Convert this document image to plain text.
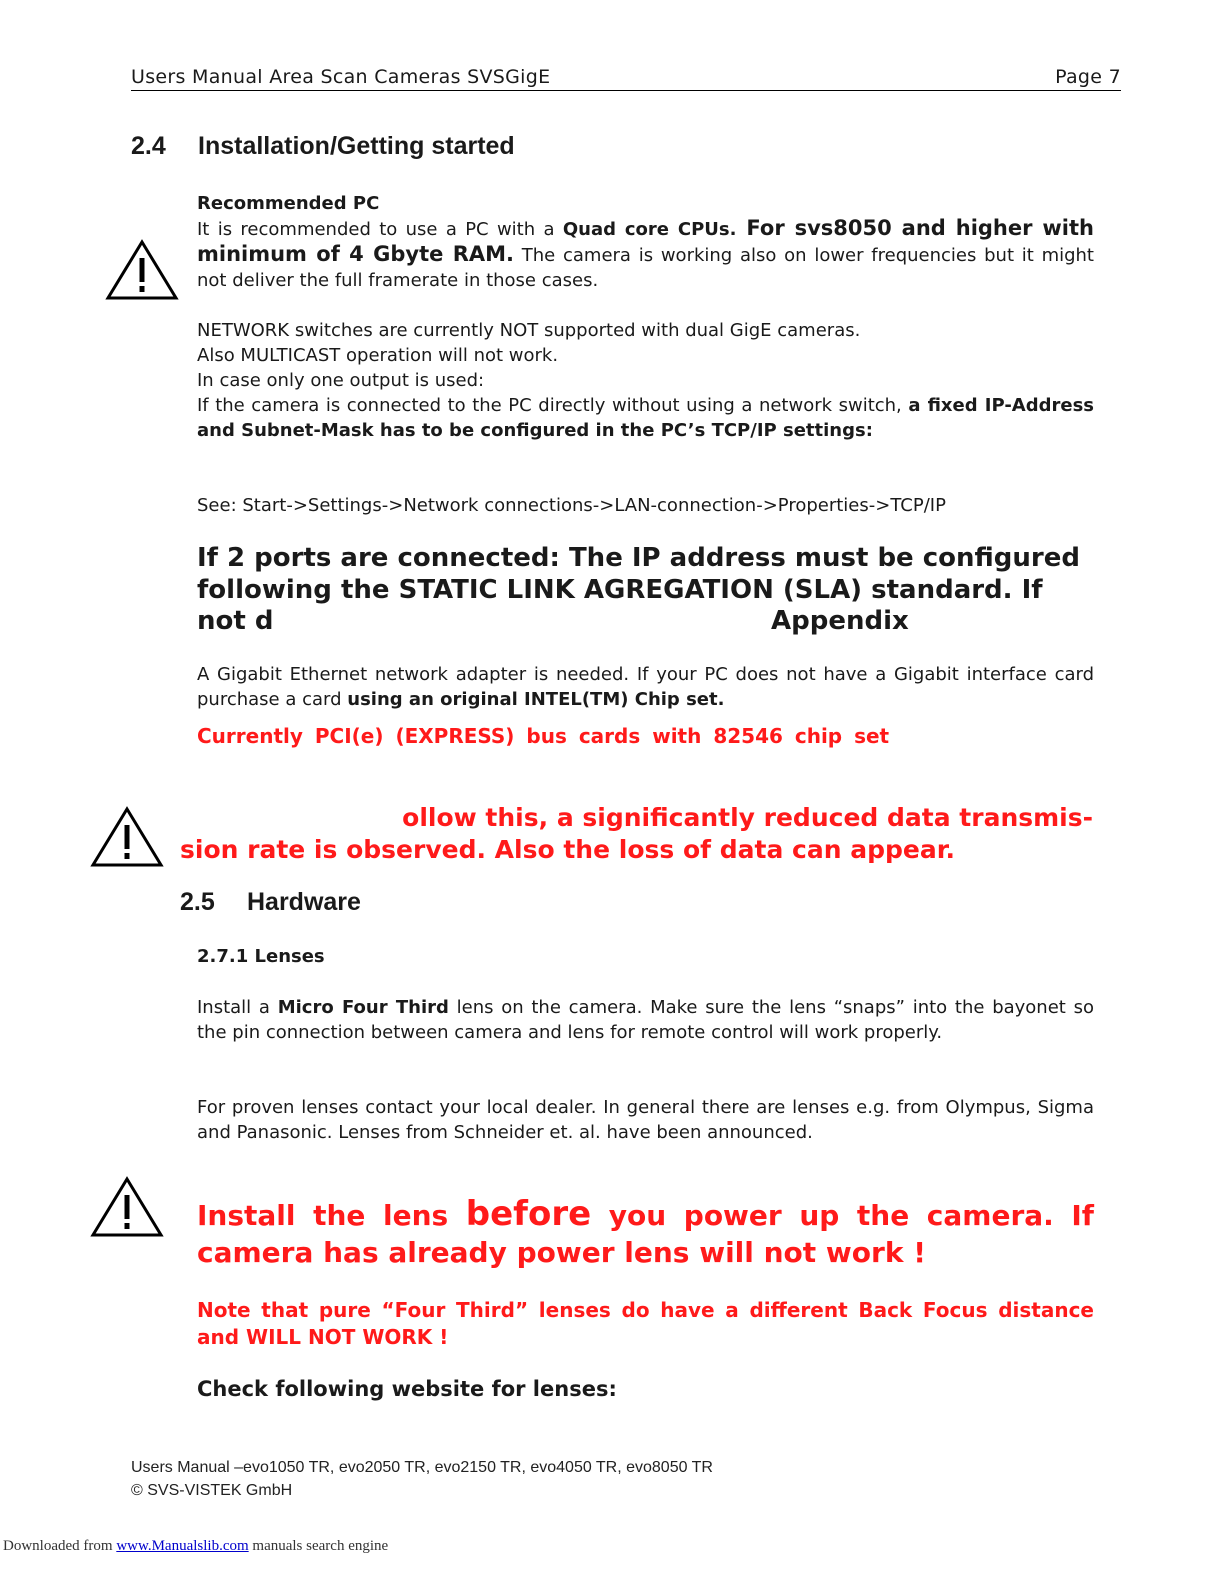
Users Manual Area Scan Cameras SVSGigE	Page 7
2.4 Installation/Getting started

Recommended PC

It is recommended to use a PC with a Quad core CPUs. For svs8050 and higher with minimum of 4 Gbyte RAM. The camera is working also on lower frequencies but it might not deliver the full framerate in those cases.

NETWORK switches are currently NOT supported with dual GigE cameras.

Also MULTICAST operation will not work.

In case only one output is used:

If the camera is connected to the PC directly without using a network switch, a fixed IP-Address and Subnet-Mask has to be configured in the PC’s TCP/IP settings:

See: Start->Settings->Network connections->LAN-connection->Properties->TCP/IP
If 2 ports are connected: The IP address must be configured
following the STATIC LINK AGREGATION (SLA) standard. If
not d	Appendix

A Gigabit Ethernet network adapter is needed. If your PC does not have a Gigabit interface card purchase a card using an original INTEL(TM) Chip set.

Currently PCI(e) (EXPRESS) bus cards with 82546 chip set
ollow this, a significantly reduced data transmis-
sion rate is observed. Also the loss of data can appear.
2.5 Hardware
2.7.1 Lenses

Install a Micro Four Third lens on the camera. Make sure the lens “snaps” into the bayonet so the pin connection between camera and lens for remote control will work properly.

For proven lenses contact your local dealer. In general there are lenses e.g. from Olympus, Sigma and Panasonic. Lenses from Schneider et. al. have been announced.
Install the lens before you power up the camera. If
camera has already power lens will not work !
Note that pure “Four Third” lenses do have a different Back Focus distance and WILL NOT WORK !
Check following website for lenses:
Users Manual –evo1050 TR, evo2050 TR, evo2150 TR, evo4050 TR, evo8050 TR
© SVS-VISTEK GmbH
Downloaded from www.Manualslib.com manuals search engine
